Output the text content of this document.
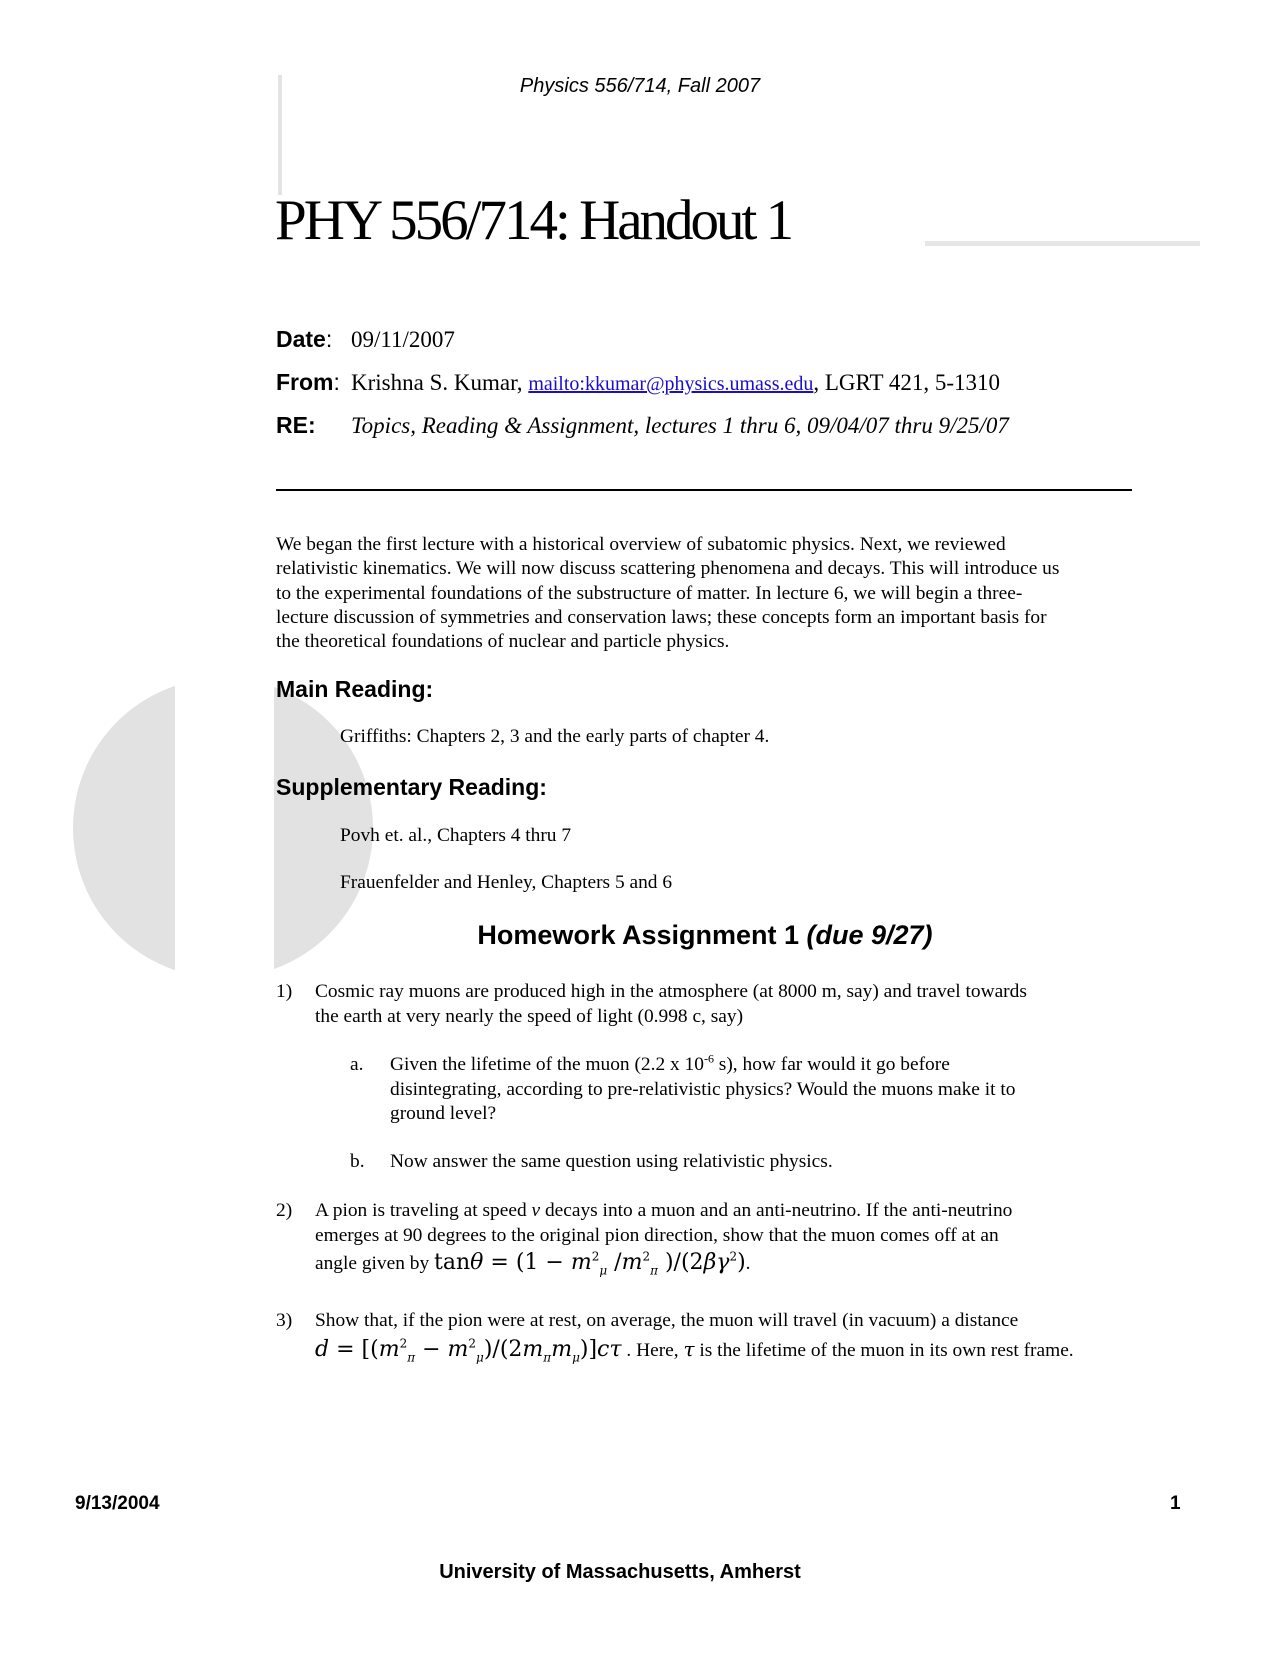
Physics 556/714, Fall 2007
PHY 556/714: Handout 1
Date: 09/11/2007
From: Krishna S. Kumar, mailto:kkumar@physics.umass.edu, LGRT 421, 5-1310
RE: Topics, Reading & Assignment, lectures 1 thru 6, 09/04/07 thru 9/25/07
We began the first lecture with a historical overview of subatomic physics. Next, we reviewed
relativistic kinematics. We will now discuss scattering phenomena and decays. This will introduce us
to the experimental foundations of the substructure of matter. In lecture 6, we will begin a three-
lecture discussion of symmetries and conservation laws; these concepts form an important basis for
the theoretical foundations of nuclear and particle physics.
Main Reading:
Griffiths: Chapters 2, 3 and the early parts of chapter 4.
Supplementary Reading:
Povh et. al., Chapters 4 thru 7
Frauenfelder and Henley, Chapters 5 and 6
Homework Assignment 1 (due 9/27)
1) Cosmic ray muons are produced high in the atmosphere (at 8000 m, say) and travel towards
the earth at very nearly the speed of light (0.998 c, say)
a. Given the lifetime of the muon (2.2 x $10^{-6}$ s), how far would it go before
disintegrating, according to pre-relativistic physics? Would the muons make it to
ground level?
b. Now answer the same question using relativistic physics.
2) A pion is traveling at speed v decays into a muon and an anti-neutrino. If the anti-neutrino
emerges at 90 degrees to the original pion direction, show that the muon comes off at an
angle given by $\tan\theta = (1 - m^2_\mu$ $/m^2_\pi$ )$/(2\beta\gamma^2)$.
3) Show that, if the pion were at rest, on average, the muon will travel (in vacuum) a distance
$d = [(m^2_\pi - m^2_\mu)/(2m_\pi m_\mu)]c\tau$ . Here, τ is the lifetime of the muon in its own rest frame.
9/13/2004	1
University of Massachusetts, Amherst
